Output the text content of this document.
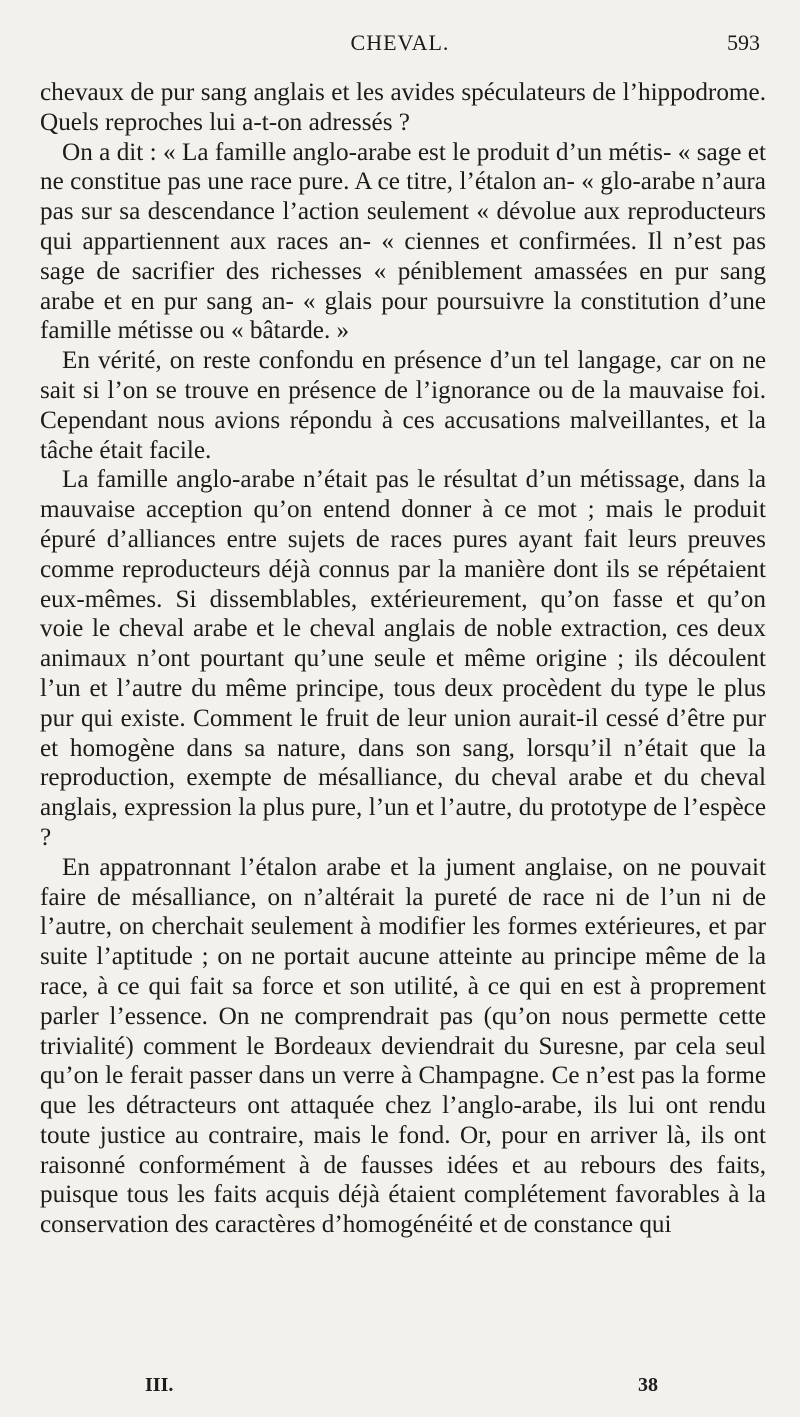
CHEVAL.	593

chevaux de pur sang anglais et les avides spéculateurs de l’hippodrome. Quels reproches lui a-t-on adressés ?

On a dit : « La famille anglo-arabe est le produit d’un métis- « sage et ne constitue pas une race pure. A ce titre, l’étalon an- « glo-arabe n’aura pas sur sa descendance l’action seulement « dévolue aux reproducteurs qui appartiennent aux races an- « ciennes et confirmées. Il n’est pas sage de sacrifier des richesses « péniblement amassées en pur sang arabe et en pur sang an- « glais pour poursuivre la constitution d’une famille métisse ou « bâtarde. »

En vérité, on reste confondu en présence d’un tel langage, car on ne sait si l’on se trouve en présence de l’ignorance ou de la mauvaise foi. Cependant nous avions répondu à ces accusations malveillantes, et la tâche était facile.

La famille anglo-arabe n’était pas le résultat d’un métissage, dans la mauvaise acception qu’on entend donner à ce mot ; mais le produit épuré d’alliances entre sujets de races pures ayant fait leurs preuves comme reproducteurs déjà connus par la manière dont ils se répétaient eux-mêmes. Si dissemblables, extérieurement, qu’on fasse et qu’on voie le cheval arabe et le cheval anglais de noble extraction, ces deux animaux n’ont pourtant qu’une seule et même origine ; ils découlent l’un et l’autre du même principe, tous deux procèdent du type le plus pur qui existe. Comment le fruit de leur union aurait-il cessé d’être pur et homogène dans sa nature, dans son sang, lorsqu’il n’était que la reproduction, exempte de mésalliance, du cheval arabe et du cheval anglais, expression la plus pure, l’un et l’autre, du prototype de l’espèce ?

En appatronnant l’étalon arabe et la jument anglaise, on ne pouvait faire de mésalliance, on n’altérait la pureté de race ni de l’un ni de l’autre, on cherchait seulement à modifier les formes extérieures, et par suite l’aptitude ; on ne portait aucune atteinte au principe même de la race, à ce qui fait sa force et son utilité, à ce qui en est à proprement parler l’essence. On ne comprendrait pas (qu’on nous permette cette trivialité) comment le Bordeaux deviendrait du Suresne, par cela seul qu’on le ferait passer dans un verre à Champagne. Ce n’est pas la forme que les détracteurs ont attaquée chez l’anglo-arabe, ils lui ont rendu toute justice au contraire, mais le fond. Or, pour en arriver là, ils ont raisonné conformément à de fausses idées et au rebours des faits, puisque tous les faits acquis déjà étaient complétement favorables à la conservation des caractères d’homogénéité et de constance qui

III.	38
